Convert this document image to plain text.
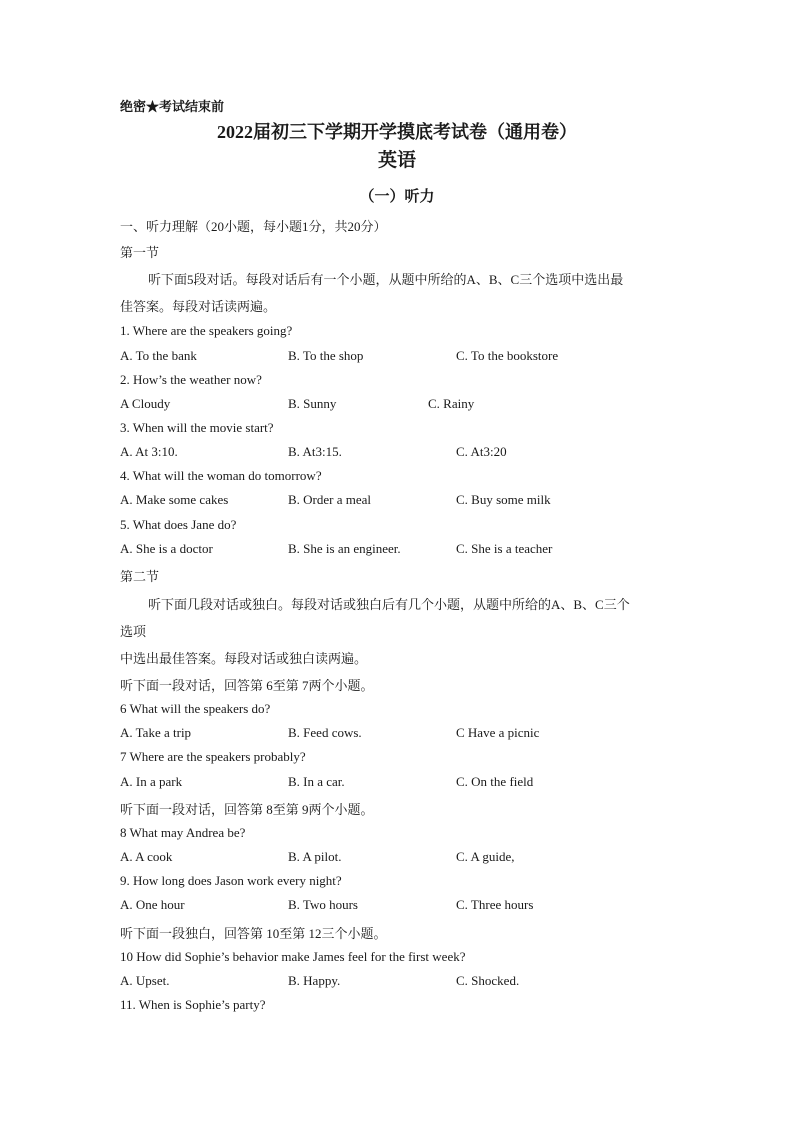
绝密★考试结束前
2022届初三下学期开学摸底考试卷（通用卷）
英语
（一）听力
一、听力理解（20小题，每小题1分，共20分）
第一节
听下面5段对话。每段对话后有一个小题，从题中所给的A、B、C三个选项中选出最
佳答案。每段对话读两遍。
1. Where are the speakers going?
A. To the bank	B. To the shop	C. To the bookstore
2. How’s the weather now?
A Cloudy	B. Sunny	C. Rainy
3. When will the movie start?
A. At 3:10.	B. At3:15.	C. At3:20
4. What will the woman do tomorrow?
A. Make some cakes	B. Order a meal	C. Buy some milk
5. What does Jane do?
A. She is a doctor	B. She is an engineer.	C. She is a teacher
第二节
听下面几段对话或独白。每段对话或独白后有几个小题，从题中所给的A、B、C三个
选项
中选出最佳答案。每段对话或独白读两遍。
听下面一段对话，回答第 6至第 7两个小题。
6 What will the speakers do?
A. Take a trip	B. Feed cows.	C Have a picnic
7 Where are the speakers probably?
A. In a park	B. In a car.	C. On the field
听下面一段对话，回答第 8至第 9两个小题。
8 What may Andrea be?
A. A cook	B. A pilot.	C. A guide,
9. How long does Jason work every night?
A. One hour	B. Two hours	C. Three hours
听下面一段独白，回答第 10至第 12三个小题。
10 How did Sophie’s behavior make James feel for the first week?
A. Upset.	B. Happy.	C. Shocked.
11. When is Sophie’s party?
